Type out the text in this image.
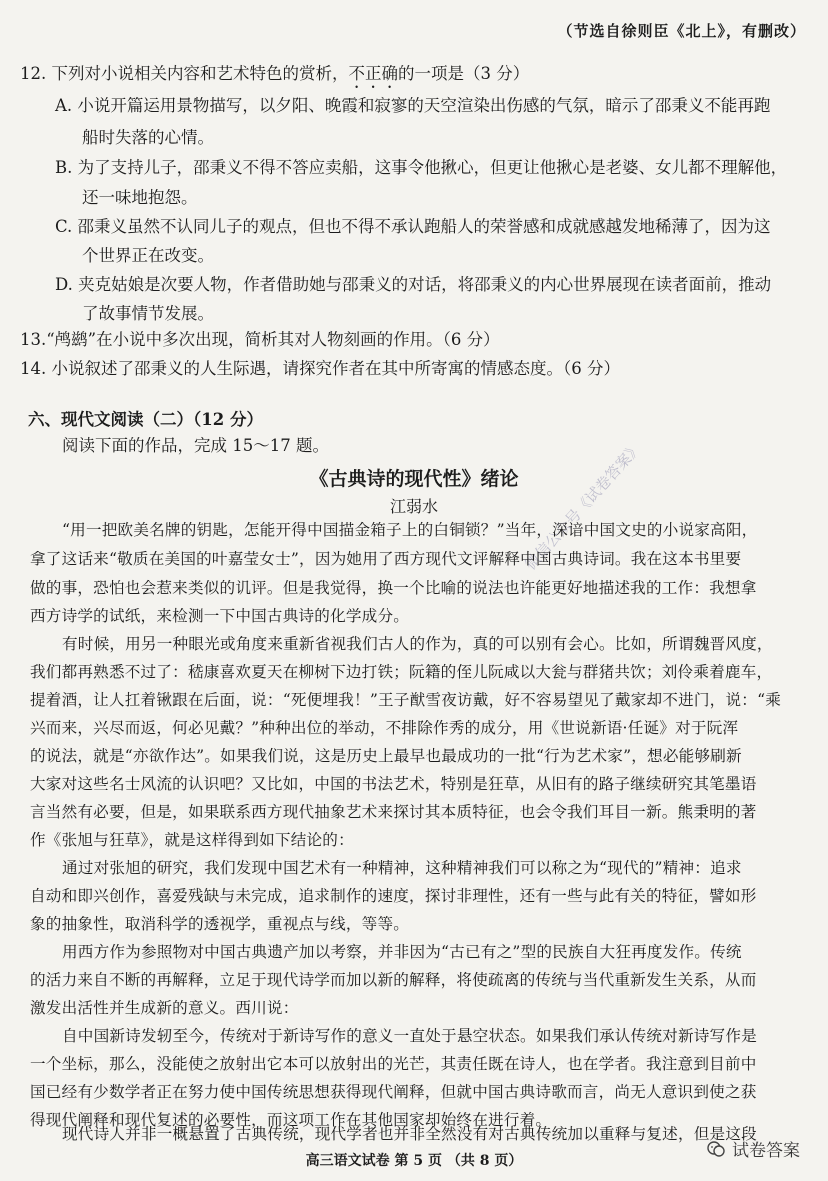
（节选自徐则臣《北上》，有删改）
12. 下列对小说相关内容和艺术特色的赏析，不正确的一项是（3 分）
A. 小说开篇运用景物描写，以夕阳、晚霞和寂寥的天空渲染出伤感的气氛，暗示了邵秉义不能再跑
船时失落的心情。
B. 为了支持儿子，邵秉义不得不答应卖船，这事令他揪心，但更让他揪心是老婆、女儿都不理解他，
还一味地抱怨。
C. 邵秉义虽然不认同儿子的观点，但也不得不承认跑船人的荣誉感和成就感越发地稀薄了，因为这
个世界正在改变。
D. 夹克姑娘是次要人物，作者借助她与邵秉义的对话，将邵秉义的内心世界展现在读者面前，推动
了故事情节发展。
13.“鸬鹚”在小说中多次出现，简析其对人物刻画的作用。（6 分）
14. 小说叙述了邵秉义的人生际遇，请探究作者在其中所寄寓的情感态度。（6 分）
六、现代文阅读（二）（12 分）
阅读下面的作品，完成 15～17 题。
《古典诗的现代性》绪论
江弱水	微信公众号《试卷答案》
“用一把欧美名牌的钥匙，怎能开得中国描金箱子上的白铜锁？”当年，深谙中国文史的小说家高阳，
拿了这话来“敬质在美国的叶嘉莹女士”，因为她用了西方现代文评解释中国古典诗词。我在这本书里要
做的事，恐怕也会惹来类似的讥评。但是我觉得，换一个比喻的说法也许能更好地描述我的工作：我想拿
西方诗学的试纸，来检测一下中国古典诗的化学成分。
有时候，用另一种眼光或角度来重新省视我们古人的作为，真的可以别有会心。比如，所谓魏晋风度，
我们都再熟悉不过了：嵇康喜欢夏天在柳树下边打铁；阮籍的侄儿阮咸以大瓮与群猪共饮；刘伶乘着鹿车，
提着酒，让人扛着锹跟在后面，说：“死便埋我！”王子猷雪夜访戴，好不容易望见了戴家却不进门，说：“乘
兴而来，兴尽而返，何必见戴？”种种出位的举动，不排除作秀的成分，用《世说新语·任诞》对于阮浑
的说法，就是“亦欲作达”。如果我们说，这是历史上最早也最成功的一批“行为艺术家”，想必能够刷新
大家对这些名士风流的认识吧？又比如，中国的书法艺术，特别是狂草，从旧有的路子继续研究其笔墨语
言当然有必要，但是，如果联系西方现代抽象艺术来探讨其本质特征，也会令我们耳目一新。熊秉明的著
作《张旭与狂草》，就是这样得到如下结论的：
通过对张旭的研究，我们发现中国艺术有一种精神，这种精神我们可以称之为“现代的”精神：追求
自动和即兴创作，喜爱残缺与未完成，追求制作的速度，探讨非理性，还有一些与此有关的特征，譬如形
象的抽象性，取消科学的透视学，重视点与线，等等。
用西方作为参照物对中国古典遗产加以考察，并非因为“古已有之”型的民族自大狂再度发作。传统
的活力来自不断的再解释，立足于现代诗学而加以新的解释，将使疏离的传统与当代重新发生关系，从而
激发出活性并生成新的意义。西川说：
自中国新诗发轫至今，传统对于新诗写作的意义一直处于悬空状态。如果我们承认传统对新诗写作是
一个坐标，那么，没能使之放射出它本可以放射出的光芒，其责任既在诗人，也在学者。我注意到目前中
国已经有少数学者正在努力使中国传统思想获得现代阐释，但就中国古典诗歌而言，尚无人意识到使之获
得现代阐释和现代复述的必要性，而这项工作在其他国家却始终在进行着。
现代诗人并非一概悬置了古典传统，现代学者也并非全然没有对古典传统加以重释与复述，但是这段
高三语文试卷 第 5 页 （共 8 页）	试卷答案
